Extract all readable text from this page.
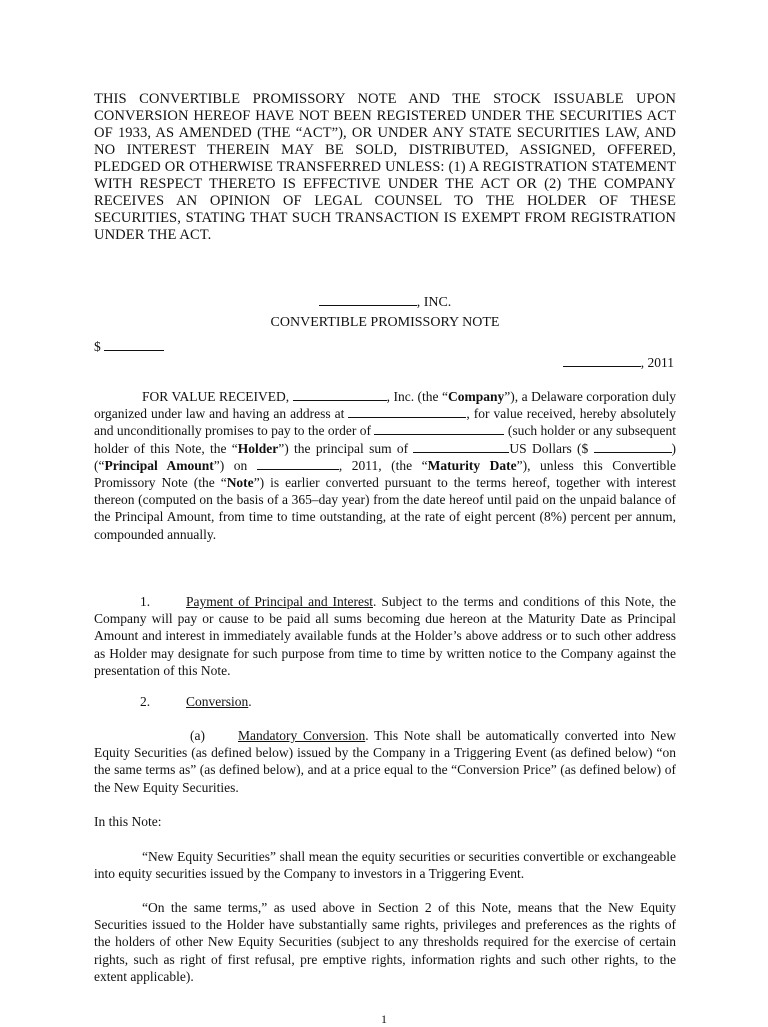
THIS CONVERTIBLE PROMISSORY NOTE AND THE STOCK ISSUABLE UPON CONVERSION HEREOF HAVE NOT BEEN REGISTERED UNDER THE SECURITIES ACT OF 1933, AS AMENDED (THE “ACT”), OR UNDER ANY STATE SECURITIES LAW, AND NO INTEREST THEREIN MAY BE SOLD, DISTRIBUTED, ASSIGNED, OFFERED, PLEDGED OR OTHERWISE TRANSFERRED UNLESS: (1) A REGISTRATION STATEMENT WITH RESPECT THERETO IS EFFECTIVE UNDER THE ACT OR (2) THE COMPANY RECEIVES AN OPINION OF LEGAL COUNSEL TO THE HOLDER OF THESE SECURITIES, STATING THAT SUCH TRANSACTION IS EXEMPT FROM REGISTRATION UNDER THE ACT.
, INC.
CONVERTIBLE PROMISSORY NOTE
$
, 2011
FOR VALUE RECEIVED,	, Inc. (the “Company”), a Delaware corporation duly organized under law and having an address at	, for value received, hereby absolutely and unconditionally promises to pay to the order of	(such holder or any subsequent holder of this Note, the “Holder”) the principal sum of	US Dollars ($	) (“Principal Amount”) on	, 2011, (the “Maturity Date”), unless this Convertible Promissory Note (the “Note”) is earlier converted pursuant to the terms hereof, together with interest thereon (computed on the basis of a 365–day year) from the date hereof until paid on the unpaid balance of the Principal Amount, from time to time outstanding, at the rate of eight percent (8%) percent per annum, compounded annually.
1.	Payment of Principal and Interest. Subject to the terms and conditions of this Note, the Company will pay or cause to be paid all sums becoming due hereon at the Maturity Date as Principal Amount and interest in immediately available funds at the Holder’s above address or to such other address as Holder may designate for such purpose from time to time by written notice to the Company against the presentation of this Note.
2.	Conversion.
(a) Mandatory Conversion. This Note shall be automatically converted into New Equity Securities (as defined below) issued by the Company in a Triggering Event (as defined below) “on the same terms as” (as defined below), and at a price equal to the “Conversion Price” (as defined below) of the New Equity Securities.
In this Note:
“New Equity Securities” shall mean the equity securities or securities convertible or exchangeable into equity securities issued by the Company to investors in a Triggering Event.
“On the same terms,” as used above in Section 2 of this Note, means that the New Equity Securities issued to the Holder have substantially same rights, privileges and preferences as the rights of the holders of other New Equity Securities (subject to any thresholds required for the exercise of certain rights, such as right of first refusal, pre emptive rights, information rights and such other rights, to the extent applicable).
1
